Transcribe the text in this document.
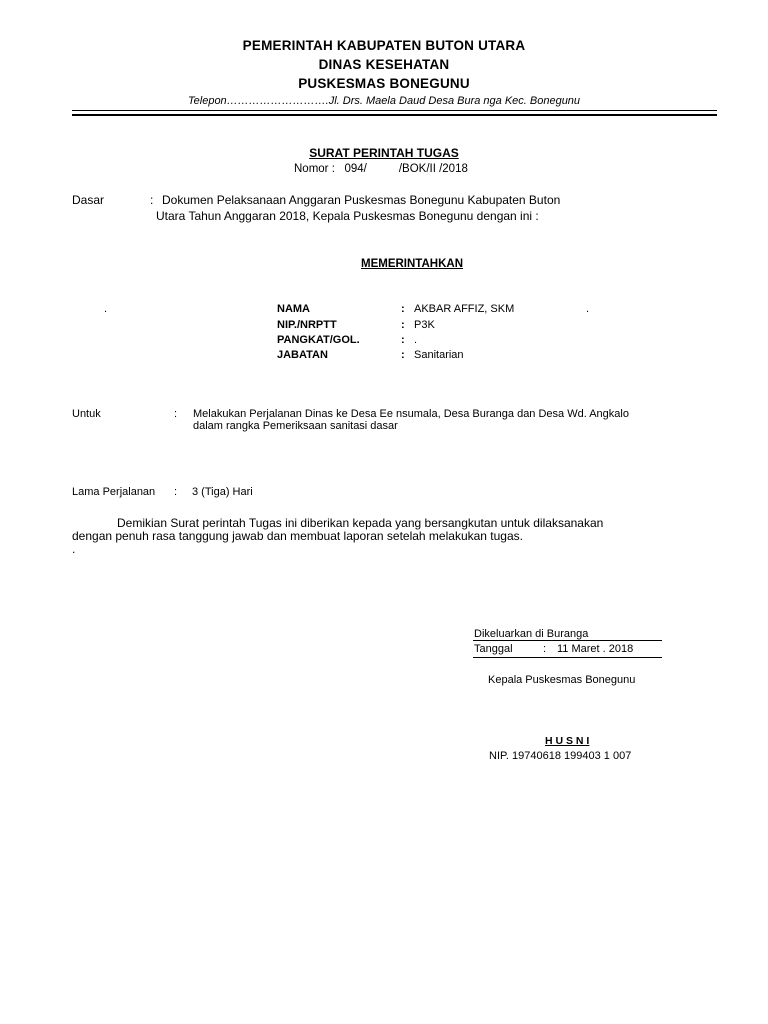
PEMERINTAH KABUPATEN BUTON UTARA
DINAS KESEHATAN
PUSKESMAS BONEGUNU
Telepon……………………….Jl. Drs. Maela Daud Desa Bura nga Kec. Bonegunu
SURAT PERINTAH TUGAS
Nomor : 094/          /BOK/II /2018
Dasar	: Dokumen Pelaksanaan Anggaran Puskesmas Bonegunu Kabupaten Buton
Utara Tahun Anggaran 2018, Kepala Puskesmas Bonegunu dengan ini :
MEMERINTAHKAN
.	.
NAMA	: AKBAR AFFIZ, SKM
NIP./NRPTT	: P3K
PANGKAT/GOL.	: .
JABATAN	: Sanitarian
Untuk	: Melakukan Perjalanan Dinas ke Desa Ee nsumala, Desa Buranga dan Desa Wd. Angkalo
dalam rangka Pemeriksaan sanitasi dasar
Lama Perjalanan : 3 (Tiga) Hari
Demikian Surat perintah Tugas ini diberikan kepada yang bersangkutan untuk dilaksanakan
dengan penuh rasa tanggung jawab dan membuat laporan setelah melakukan tugas.
.
Dikeluarkan di Buranga
Tanggal	: 11 Maret . 2018
Kepala Puskesmas Bonegunu
H U S N I
NIP. 19740618 199403 1 007
